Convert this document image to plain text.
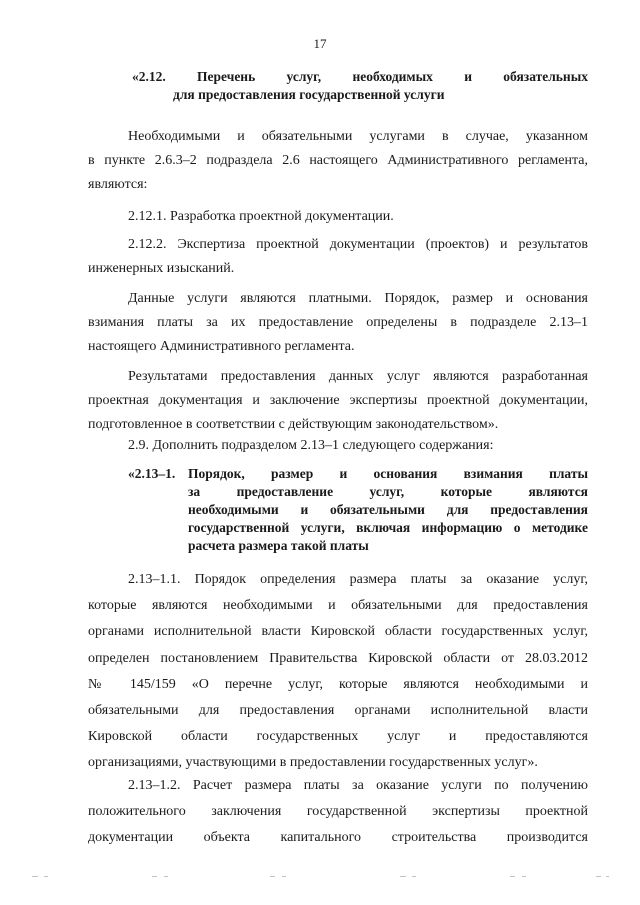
17
«2.12. Перечень услуг, необходимых и обязательных
для предоставления государственной услуги
Необходимыми и обязательными услугами в случае, указанном
в пункте 2.6.3–2 подраздела 2.6 настоящего Административного регламента,
являются:
2.12.1. Разработка проектной документации.
2.12.2. Экспертиза проектной документации (проектов) и результатов
инженерных изысканий.
Данные услуги являются платными. Порядок, размер и основания
взимания платы за их предоставление определены в подразделе 2.13–1
настоящего Административного регламента.
Результатами предоставления данных услуг являются разработанная
проектная документация и заключение экспертизы проектной документации,
подготовленное в соответствии с действующим законодательством».
2.9. Дополнить подразделом 2.13–1 следующего содержания:
«2.13–1. Порядок, размер и основания взимания платы
за предоставление услуг, которые являются
необходимыми и обязательными для предоставления
государственной услуги, включая информацию о методике
расчета размера такой платы
2.13–1.1. Порядок определения размера платы за оказание услуг,
которые являются необходимыми и обязательными для предоставления
органами исполнительной власти Кировской области государственных услуг,
определен постановлением Правительства Кировской области от 28.03.2012
№ 145/159 «О перечне услуг, которые являются необходимыми и
обязательными для предоставления органами исполнительной власти
Кировской области государственных услуг и предоставляются
организациями, участвующими в предоставлении государственных услуг».
2.13–1.2. Расчет размера платы за оказание услуги по получению
положительного заключения государственной экспертизы проектной
документации объекта капитального строительства производится
